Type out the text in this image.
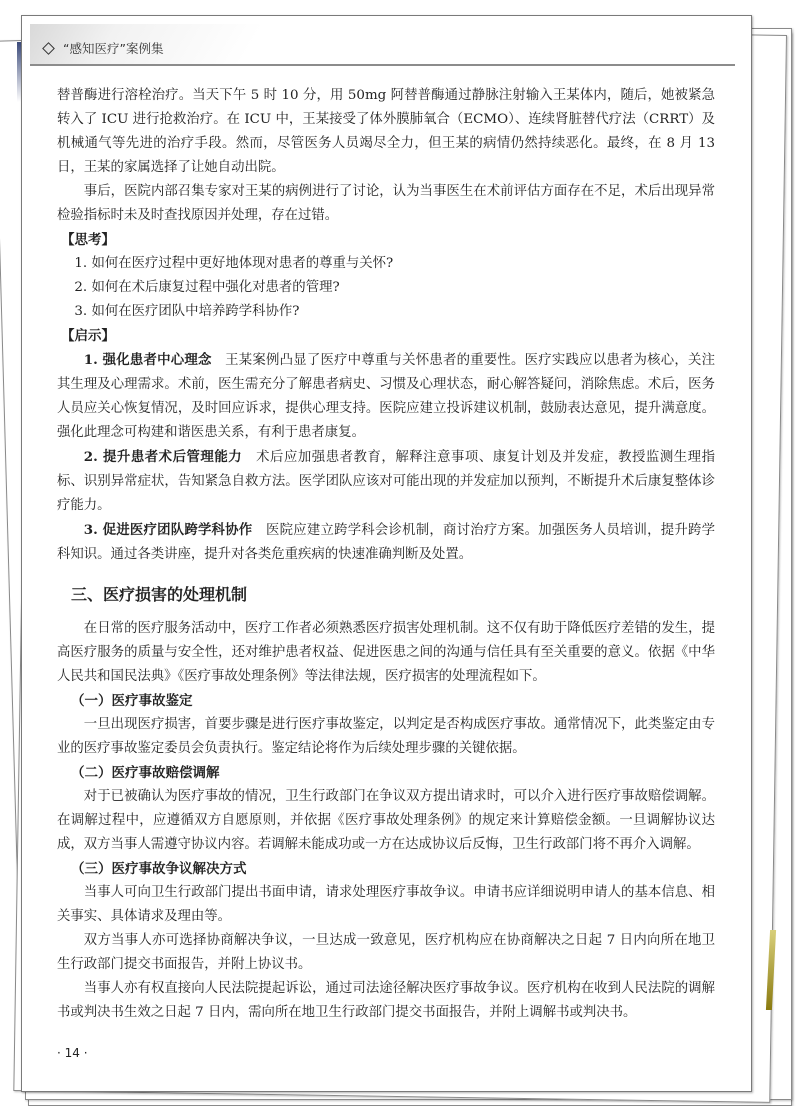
“感知医疗”案例集

替普酶进行溶栓治疗。当天下午 5 时 10 分，用 50mg 阿替普酶通过静脉注射输入王某体内，随后，她被紧急转入了 ICU 进行抢救治疗。在 ICU 中，王某接受了体外膜肺氧合（ECMO）、连续肾脏替代疗法（CRRT）及机械通气等先进的治疗手段。然而，尽管医务人员竭尽全力，但王某的病情仍然持续恶化。最终，在 8 月 13 日，王某的家属选择了让她自动出院。

事后，医院内部召集专家对王某的病例进行了讨论，认为当事医生在术前评估方面存在不足，术后出现异常检验指标时未及时查找原因并处理，存在过错。

【思考】

1. 如何在医疗过程中更好地体现对患者的尊重与关怀?

2. 如何在术后康复过程中强化对患者的管理?

3. 如何在医疗团队中培养跨学科协作?

【启示】

1. 强化患者中心理念  王某案例凸显了医疗中尊重与关怀患者的重要性。医疗实践应以患者为核心，关注其生理及心理需求。术前，医生需充分了解患者病史、习惯及心理状态，耐心解答疑问，消除焦虑。术后，医务人员应关心恢复情况，及时回应诉求，提供心理支持。医院应建立投诉建议机制，鼓励表达意见，提升满意度。强化此理念可构建和谐医患关系，有利于患者康复。

2. 提升患者术后管理能力  术后应加强患者教育，解释注意事项、康复计划及并发症，教授监测生理指标、识别异常症状，告知紧急自救方法。医学团队应该对可能出现的并发症加以预判，不断提升术后康复整体诊疗能力。

3. 促进医疗团队跨学科协作  医院应建立跨学科会诊机制，商讨治疗方案。加强医务人员培训，提升跨学科知识。通过各类讲座，提升对各类危重疾病的快速准确判断及处置。

三、医疗损害的处理机制

在日常的医疗服务活动中，医疗工作者必须熟悉医疗损害处理机制。这不仅有助于降低医疗差错的发生，提高医疗服务的质量与安全性，还对维护患者权益、促进医患之间的沟通与信任具有至关重要的意义。依据《中华人民共和国民法典》《医疗事故处理条例》等法律法规，医疗损害的处理流程如下。

（一）医疗事故鉴定

一旦出现医疗损害，首要步骤是进行医疗事故鉴定，以判定是否构成医疗事故。通常情况下，此类鉴定由专业的医疗事故鉴定委员会负责执行。鉴定结论将作为后续处理步骤的关键依据。

（二）医疗事故赔偿调解

对于已被确认为医疗事故的情况，卫生行政部门在争议双方提出请求时，可以介入进行医疗事故赔偿调解。在调解过程中，应遵循双方自愿原则，并依据《医疗事故处理条例》的规定来计算赔偿金额。一旦调解协议达成，双方当事人需遵守协议内容。若调解未能成功或一方在达成协议后反悔，卫生行政部门将不再介入调解。

（三）医疗事故争议解决方式

当事人可向卫生行政部门提出书面申请，请求处理医疗事故争议。申请书应详细说明申请人的基本信息、相关事实、具体请求及理由等。

双方当事人亦可选择协商解决争议，一旦达成一致意见，医疗机构应在协商解决之日起 7 日内向所在地卫生行政部门提交书面报告，并附上协议书。

当事人亦有权直接向人民法院提起诉讼，通过司法途径解决医疗事故争议。医疗机构在收到人民法院的调解书或判决书生效之日起 7 日内，需向所在地卫生行政部门提交书面报告，并附上调解书或判决书。

· 14 ·
